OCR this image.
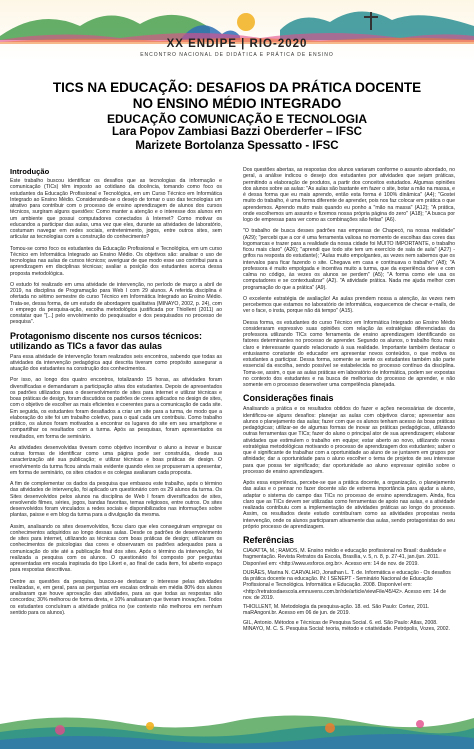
XX ENDIPE | RIO-2020
ENCONTRO NACIONAL DE DIDÁTICA E PRÁTICA DE ENSINO
TICS NA EDUCAÇÃO: DESAFIOS DA PRÁTICA DOCENTE
NO ENSINO MÉDIO INTEGRADO
EDUCAÇÃO COMUNICAÇÃO E TECNOLOGIA
Lara Popov Zambiasi Bazzi Oberderfer – IFSC
Marizete Bortolanza Spessatto - IFSC
Introdução

Este trabalho buscou identificar os desafios que as tecnologias da informação e comunicação (TICs) têm imposto ao cotidiano da docência, tomando como foco os estudantes da Educação Profissional e Tecnológica, em um Curso Técnico em Informática Integrado ao Ensino Médio. Considerando-se o desejo de tornar o uso das tecnologias um atrativo para contribuir com o processo de ensino aprendizagem de alunos dos cursos técnicos, surgiram alguns questões: Como manter a atenção e o interesse dos alunos em um ambiente que possui computadores conectados à Internet? Como motivar os educandos a participar das aulas, uma vez que eles, durante as atividades de laboratório, costumam navegar em redes sociais, entretenimento, jogos, entre outros sites, sem articular as tecnologias com a construção do conhecimento?

Tomou-se como foco os estudantes da Educação Profissional e Tecnológica, em um curso Técnico em Informática Integrado ao Ensino Médio. Os objetivos são: analisar o uso de tecnologias nas aulas de cursos técnicos; averiguar de que modo esse uso contribui para a aprendizagem em disciplinas técnicas; avaliar a posição dos estudantes acerca dessa proposta metodológica.

O estudo foi realizado em uma atividade de intervenção, no período de março a abril de 2019, na disciplina de Programação para Web I com 29 alunos. A referida disciplina é ofertada no sétimo semestre do curso Técnico em Informática Integrado ao Ensino Médio. Trata-se, dessa forma, de um estudo de abordagem qualitativa (MINAYO, 2002, p. 24), com o emprego da pesquisa-ação, escolha metodológica justificada por Thiollent (2011) ao constatar que "[...] pelo envolvimento do pesquisador e dos pesquisados no processo de pesquisa".

Protagonismo discente nos cursos técnicos: utilizando as TICs a favor das aulas

Para essa atividade de intervenção foram realizados seis encontros, sabendo que todas as atividades da intervenção pedagógica aqui descrita tiveram como propósito assegurar a atuação dos estudantes na construção dos conhecimentos.

Por isso, ao longo dos quatro encontros, totalizando 15 horas, as atividades foram diversificadas e demandaram a participação ativa dos estudantes. Depois de apresentados os padrões utilizados para o desenvolvimento de sites para internet e utilizar técnicas e boas práticas de design, foram discutidos os padrões de cores aplicados no design de sites, com o objetivo de escolher as mais eficientes e coerentes para a comunicação de cada site. Em seguida, os estudantes foram desafiados a criar um site para a turma, de modo que a elaboração do site foi um trabalho coletivo, para o qual cada um contribuiu. Como trabalho prático, os alunos foram motivados a encontrar os lugares do site em seu smartphone e compartilhar os resultados com a turma. Após as pesquisas, foram apresentados os resultados, em forma de seminário.

As atividades desenvolvidas tiveram como objetivo incentivar o aluno a inovar e buscar outras formas de identificar como uma página pode ser construída, desde sua caracterização até sua publicação; e utilizar técnicas e boas práticas de design. O envolvimento da turma ficou ainda mais evidente quando eles se propuseram a apresentar, em forma de seminário, os sites criados e os colegas avaliaram cada proposta.

A fim de complementar os dados da pesquisa que embasou este trabalho, após o término das atividades de intervenção, foi aplicado um questionário com os 29 alunos da turma. Os Sites desenvolvidos pelos alunos na disciplina de Web I foram diversificados de sites, envolvendo filmes, séries, jogos, bandas favoritas, temas religiosos, entre outros. Os sites desenvolvidos foram vinculados a redes sociais e disponibilizados nas informações sobre plantas, paisse e em blog da turma para a divulgação da mesma.

Assim, analisando os sites desenvolvidos, ficou claro que eles conseguiram empregar os conhecimentos adquiridos ao longo dessas aulas. Desde os padrões de desenvolvimento de sites para internet, utilizando as técnicas com boas práticas de design; utilizaram os conhecimentos de psicologias das cores e observaram os padrões adequados para a comunicação do site até a publicação final dos sites. Após o término da intervenção, foi realizada a pesquisa com os alunos. O questionário foi composto por perguntas apresentadas em escala inspirada do tipo Likert e, ao final de cada item, foi aberto espaço para respostas descritivas.

Dentre as questões da pesquisa, buscou-se destacar o interesse pelas atividades realizadas, e, em geral, para as perguntas em escalas ordinais em média 80% dos alunos analisaram que houve aprovação das atividades, para as que todas as respostas são concordou; 30% melhorou de forma direta, e 10% analisaram que tiveram inovações. Todos os estudantes concluíram a atividade prática no (se contexto não melhorou em nenhum sentido para os alunos).

Dos questões abertas, as respostas dos alunos variaram conforme o assunto abordado, no geral, a análise indicou o desejo dos estudantes por atividades que sejam práticas, permitindo a elaboração de produtos, a partir dos conceitos estudados. Algumas opiniões dos alunos sobre as aulas: "As aulas são bastante em fazer o site, botar a mão na massa, e é dessa forma que eu mais aprendo, então esta forma é 100% dinâmica" (A4); "Gostei muito do trabalho, é uma forma diferente de aprender, pois nos faz colocar em prática o que aprendemos. Aprendo muito mais quando eu ponho a "mão na massa" (A12); "A prática, onde escolhemos um assunto e fizemos nossa própria página do zero" (A18); "A busca por logo de empresas para ver como as combinações são feitas" (A6).

"O trabalho de busca desses padrões nas empresas de Chapecó, na nossa realidade" (A29); "percebi que a cor é uma ferramenta valiosa no momento de escolhas das cores das logomarcas e trazer para a realidade da nossa cidade foi MUITO IMPORTANTE, o trabalho ficou mais claro" (A26); "aprendi que todo site tem um exercício de sala de aula" (A27) - grifos na resposta do estudante); "Aulas muito empolgantes, as vezes nem sabemos que os intervalos para ficar fazendo o site. Chegava em casa e continuava o trabalho" (A8); "A professora é muito empolgada e incentiva muito a turma, que da experiência deve e com calma no código, às vezes os alunos se perdem" (A5); "A forma como ele usa os computadores e se contextualizar" (A2). "A atividade prática. Nada me ajuda melhor com programação do que a prática" (A9).

O excelente estratégia de avaliação! As aulas prendem nossa a atenção, às vezes nem percebemos que estamos no laboratório de informática, esquecemos de checar e-mails, de ver o face, o insta, porque não dá tempo" (A15).

Dessa forma, os estudantes do curso Técnico em Informática Integrado ao Ensino Médio consideraram expressivo suas opiniões com relação às estratégias diferenciadas da professora utilizando TICs como ferramenta de ensino aprendizagem identificando os fatores determinantes no processo de aprender. Segundo os alunos, o trabalho ficou mais claro e interessante quando relacionado à sua realidade. Importante também destacar o entusiasmo constante do educador em apresentar novos conteúdos, o que motiva os estudantes a participar. Dessa forma, somente se sente os estudantes também são parte essencial da escolha, sendo possível se estabelecida no processo contínuo da disciplina. Toma-se, assim, o que as aulas práticas em laboratório de informática, podem ser expostas no contexto dos estudantes e na busca de melhorias do processo de aprender, e não somente em o processo desenvolver uma competência planejada.

Considerações finais

Analisando a prática e os resultados obtidos do fazer e ações necessárias de docente, identificou-se alguns desafios: planejar as aulas com objetivos claros; apresentar aos alunos o planejamento das aulas; fazer com que os alunos tenham acesso às boas práticas pedagógicas; utilizar-se de algumas formas de inovar as práticas pedagógicas, utilizando outras ferramentas que TICs; fazer do aluno o principal ator de sua aprendizagem; elaborar atividades que estimulem o trabalho em equipe; estar aberto ao novo, utilizando novas estratégias metodológicas motivando o processo de aprendizagem dos estudantes; saber o que é significante de trabalhar com a oportunidade ao aluno de se juntarem em grupos por afinidade; dar a oportunidade para o aluno escolher o tema de projetos de seu interesse para que possa ter significado; dar oportunidade ao aluno expressar opinião sobre o processo de ensino aprendizagem.

Após essa experiência, percebe-se que a prática docente, a organização, o planejamento das aulas e o pensar no fazer docente são de extrema importância para ajudar a aluno, adaptar o sistema do campo das TICs no processo de ensino aprendizagem. Ainda, fica claro que as TICs devem ser utilizadas como ferramentas de apoio nas aulas, e a atividade realizada contribuiu com a implementação de atividades práticas ao longo do processo. Assim, os resultados deste estudo contribuíram como as atividades propostas nesta intervenção, onde os alunos participaram ativamente das aulas, sendo protagonistas do seu próprio processo de aprendizagem.

Referências

CIAVATTA, M.; RAMOS, M. Ensino médio e educação profissional no Brasil: dualidade e fragmentação. Revista Retratos da Escola, Brasília, v. 5, n. 8, p. 27-41, jan./jun. 2011. Disponível em: <http://www.esforce.org.br>. Acesso em: 14 de nov. de 2019.

DURÃES, Marina N. CARVALHO, Jonathan L. T. de. Informática e educação - Os desafios da prática docente na educação. IN: I SENEPT - Seminário Nacional de Educação Profissional e Tecnológica. Informática e Educação. 2008. Disponível em: <http://retratosdaescola.emnuvens.com.br/rde/article/viewFile/45/42>. Acesso em: 14 de nov. de 2019.

THIOLLENT, M. Metodologia da pesquisa-ação. 18. ed. São Paulo: Cortez, 2011. maRAngoni.br. Acesso em 06 de jun. de 2019.

GIL, Antonio. Métodos e Técnicas de Pesquisa Social. 6. ed. São Paulo: Atlas, 2008. MINAYO, M. C. S. Pesquisa Social: teoria, método e criatividade. Petrópolis, Vozes, 2002.
